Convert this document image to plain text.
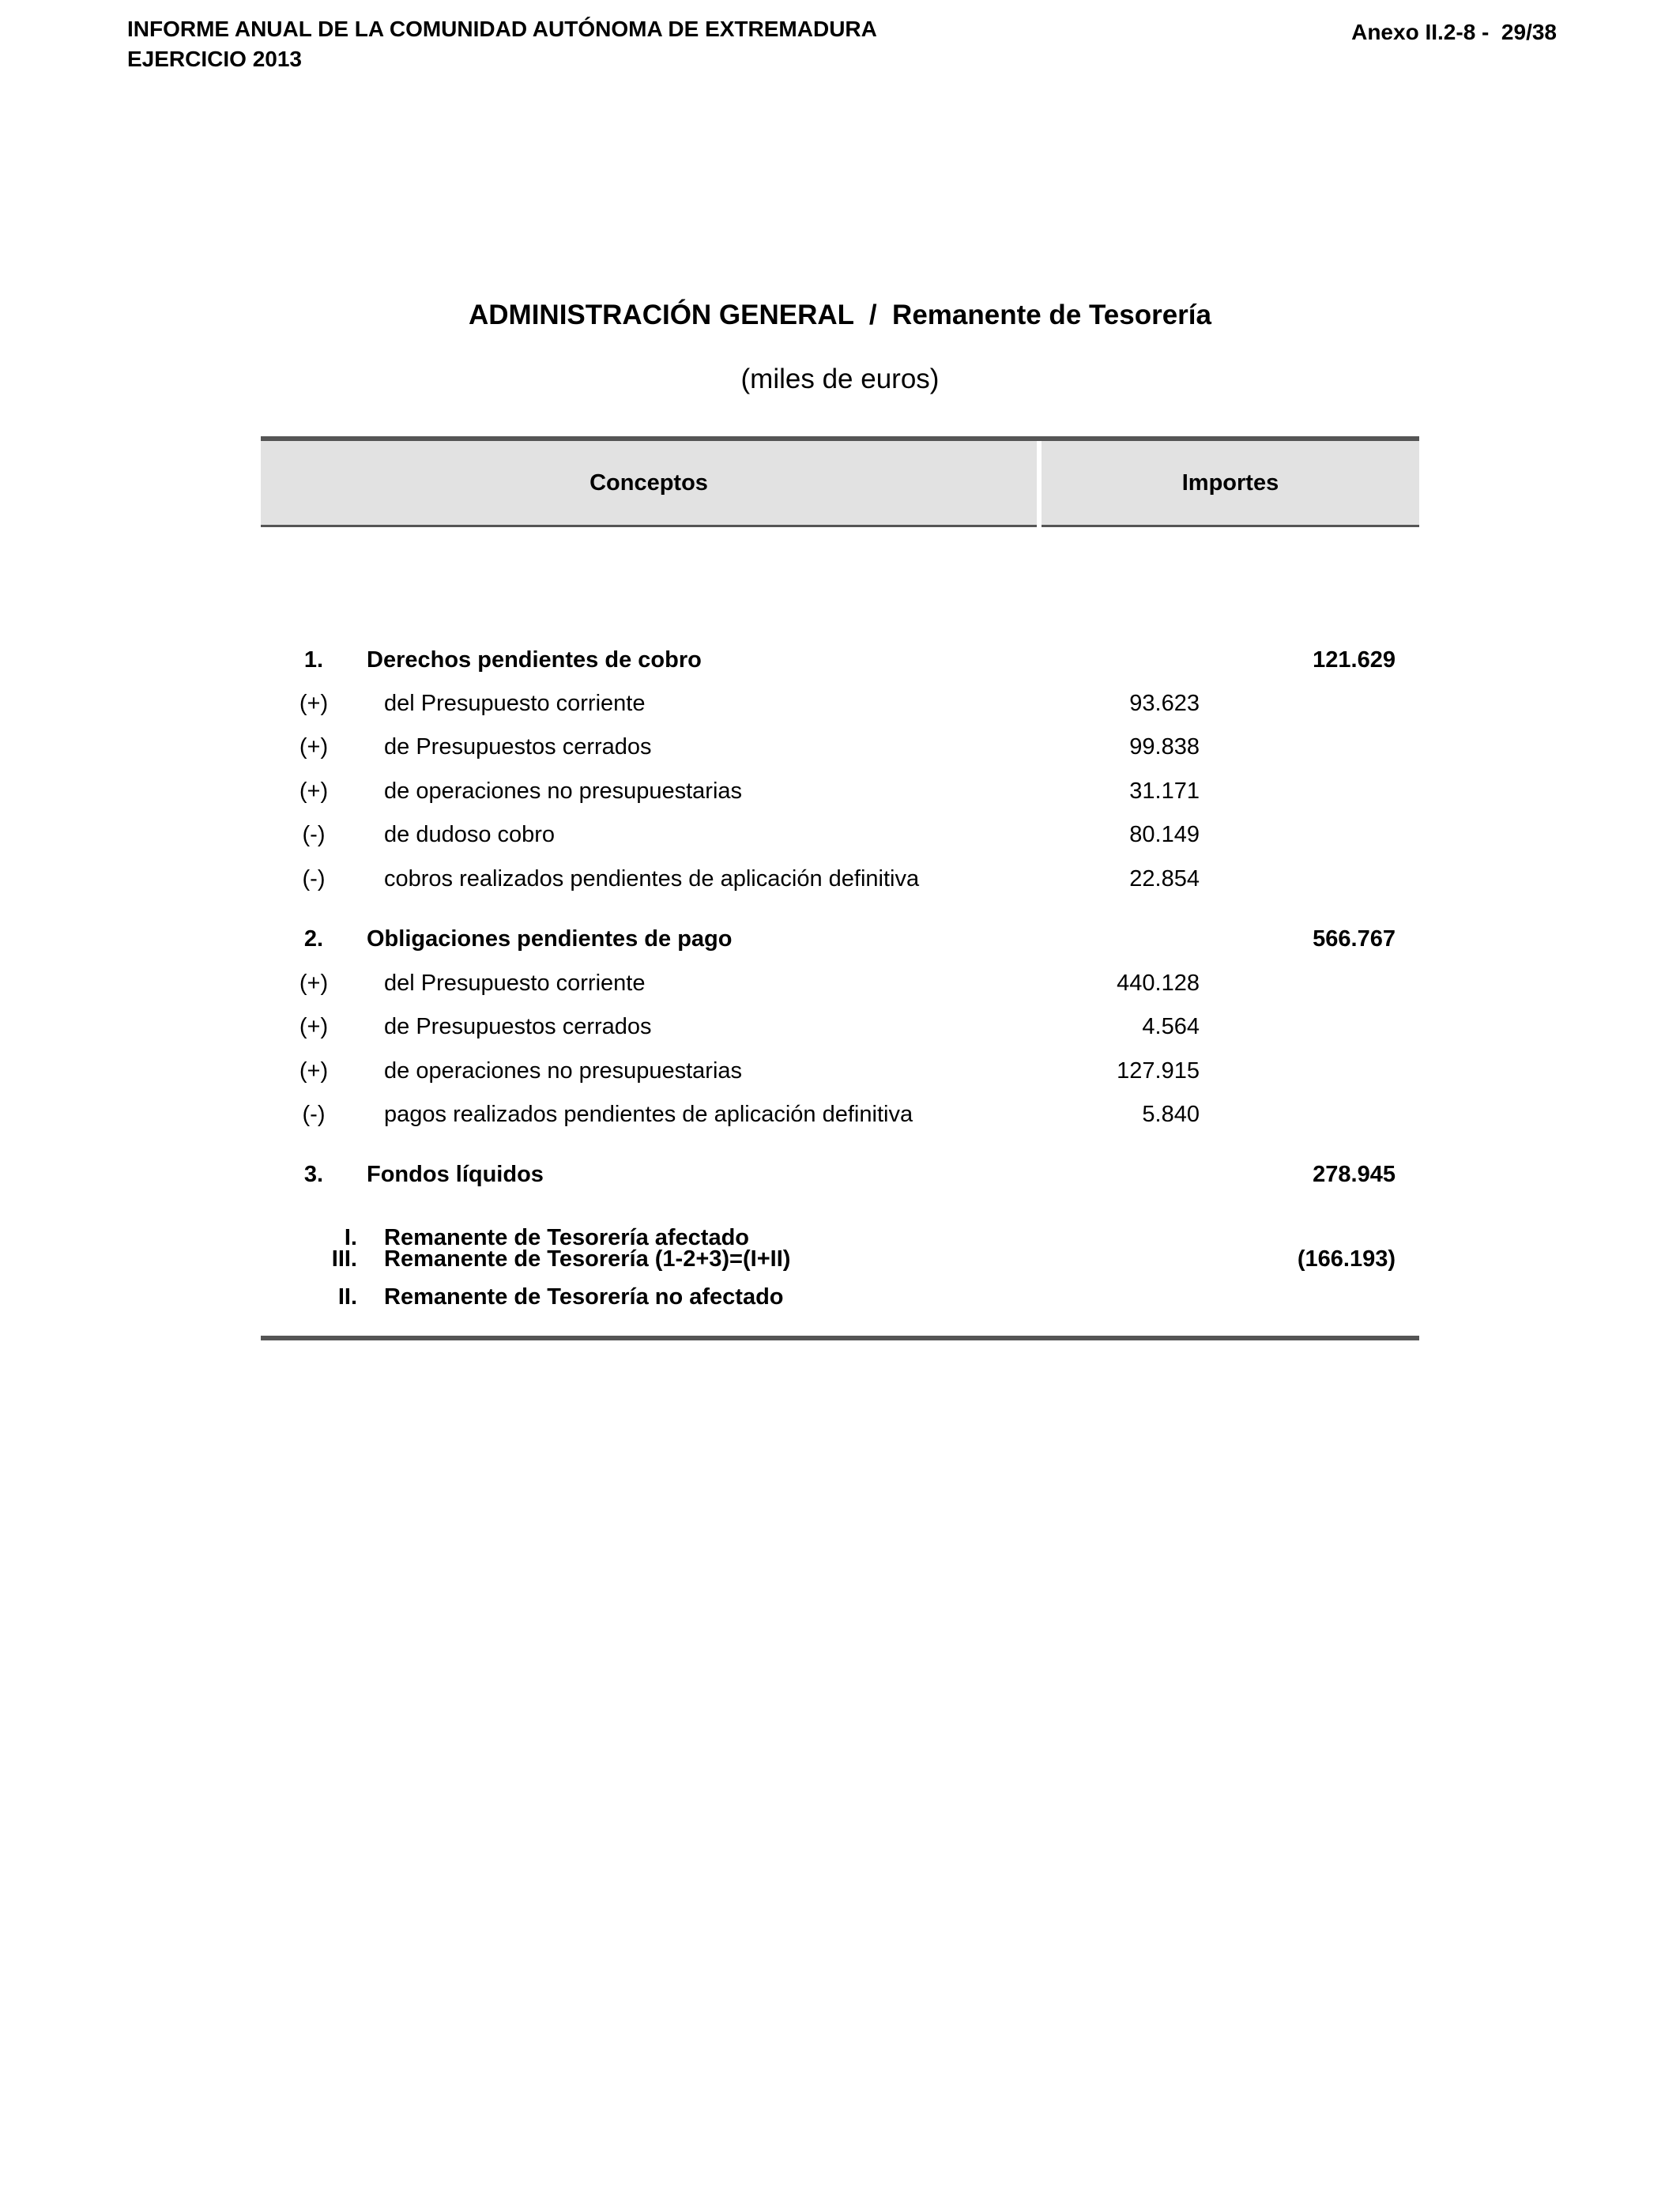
INFORME ANUAL DE LA COMUNIDAD AUTÓNOMA DE EXTREMADURA
EJERCICIO 2013
Anexo II.2-8 -  29/38
ADMINISTRACIÓN GENERAL  /  Remanente de Tesorería
(miles de euros)
Conceptos	Importes
1.	Derechos pendientes de cobro	121.629
(+)	del Presupuesto corriente	93.623
(+)	de Presupuestos cerrados	99.838
(+)	de operaciones no presupuestarias	31.171
(-)	de dudoso cobro	80.149
(-)	cobros realizados pendientes de aplicación definitiva	22.854
2.	Obligaciones pendientes de pago	566.767
(+)	del Presupuesto corriente	440.128
(+)	de Presupuestos cerrados	4.564
(+)	de operaciones no presupuestarias	127.915
(-)	pagos realizados pendientes de aplicación definitiva	5.840
3.	Fondos líquidos	278.945
I. Remanente de Tesorería afectado
II. Remanente de Tesorería no afectado
III. Remanente de Tesorería (1-2+3)=(I+II)	(166.193)
